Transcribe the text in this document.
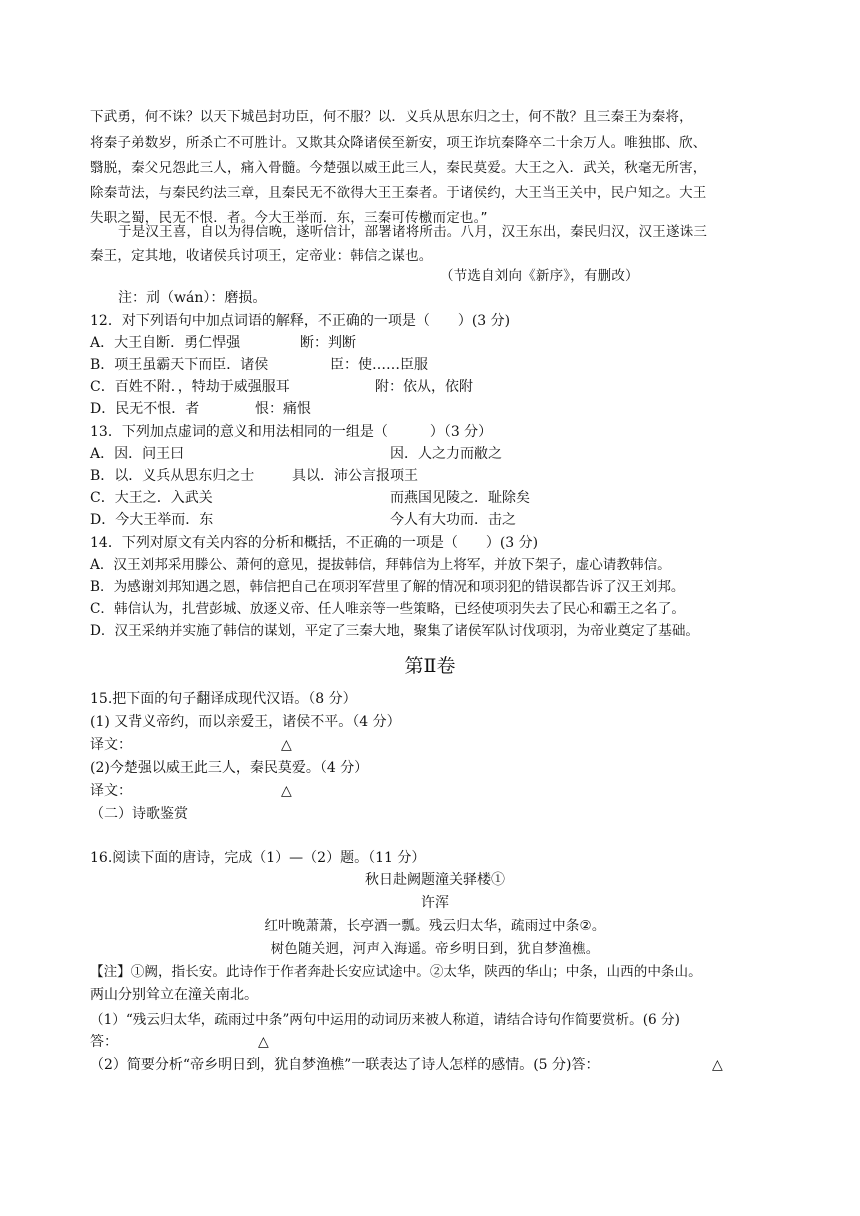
下武勇，何不诛？以天下城邑封功臣，何不服？以．义兵从思东归之士，何不散？且三秦王为秦将，
将秦子弟数岁，所杀亡不可胜计。又欺其众降诸侯至新安，项王诈坑秦降卒二十余万人。唯独邯、欣、
翳脱，秦父兄怨此三人，痛入骨髓。今楚强以威王此三人，秦民莫爱。大王之入．武关，秋毫无所害，
除秦苛法，与秦民约法三章，且秦民无不欲得大王王秦者。于诸侯约，大王当王关中，民户知之。大王
失职之蜀，民无不恨．者。今大王举而．东，三秦可传檄而定也。”
于是汉王喜，自以为得信晚，遂听信计，部署诸将所击。八月，汉王东出，秦民归汉，汉王遂诛三
秦王，定其地，收诸侯兵讨项王，定帝业：韩信之谋也。
（节选自刘向《新序》，有删改）
注：刓（wán）：磨损。
12．对下列语句中加点词语的解释，不正确的一项是（　　）(3 分)
A．大王自断．勇仁悍强	断：判断
B．项王虽霸天下而臣．诸侯	臣：使……臣服
C．百姓不附．，特劫于威强服耳	附：依从，依附
D．民无不恨．者	恨：痛恨
13．下列加点虚词的意义和用法相同的一组是（　　　）（3 分）
A．因．问王曰	因．人之力而敝之
B．以．义兵从思东归之士	具以．沛公言报项王
C．大王之．入武关	而燕国见陵之．耻除矣
D．今大王举而．东	今人有大功而．击之
14．下列对原文有关内容的分析和概括，不正确的一项是（　　）(3 分)
A．汉王刘邦采用滕公、萧何的意见，提拔韩信，拜韩信为上将军，并放下架子，虚心请教韩信。
B．为感谢刘邦知遇之恩，韩信把自己在项羽军营里了解的情况和项羽犯的错误都告诉了汉王刘邦。
C．韩信认为，扎营彭城、放逐义帝、任人唯亲等一些策略，已经使项羽失去了民心和霸王之名了。
D．汉王采纳并实施了韩信的谋划，平定了三秦大地，聚集了诸侯军队讨伐项羽，为帝业奠定了基础。
第Ⅱ卷
15.把下面的句子翻译成现代汉语。（8 分）
(1) 又背义帝约，而以亲爱王，诸侯不平。（4 分）
译文：	△
(2)今楚强以威王此三人，秦民莫爱。（4 分）
译文：	△
（二）诗歌鉴赏
16.阅读下面的唐诗，完成（1）—（2）题。（11 分）
秋日赴阙题潼关驿楼①
许浑
红叶晚萧萧，长亭酒一瓢。残云归太华，疏雨过中条②。
树色随关迥，河声入海遥。帝乡明日到，犹自梦渔樵。
【注】①阙，指长安。此诗作于作者奔赴长安应试途中。②太华，陕西的华山；中条，山西的中条山。
两山分别耸立在潼关南北。
（1）“残云归太华，疏雨过中条”两句中运用的动词历来被人称道，请结合诗句作简要赏析。(6 分)
答：	△
（2）简要分析“帝乡明日到，犹自梦渔樵”一联表达了诗人怎样的感情。(5 分)答：	△
